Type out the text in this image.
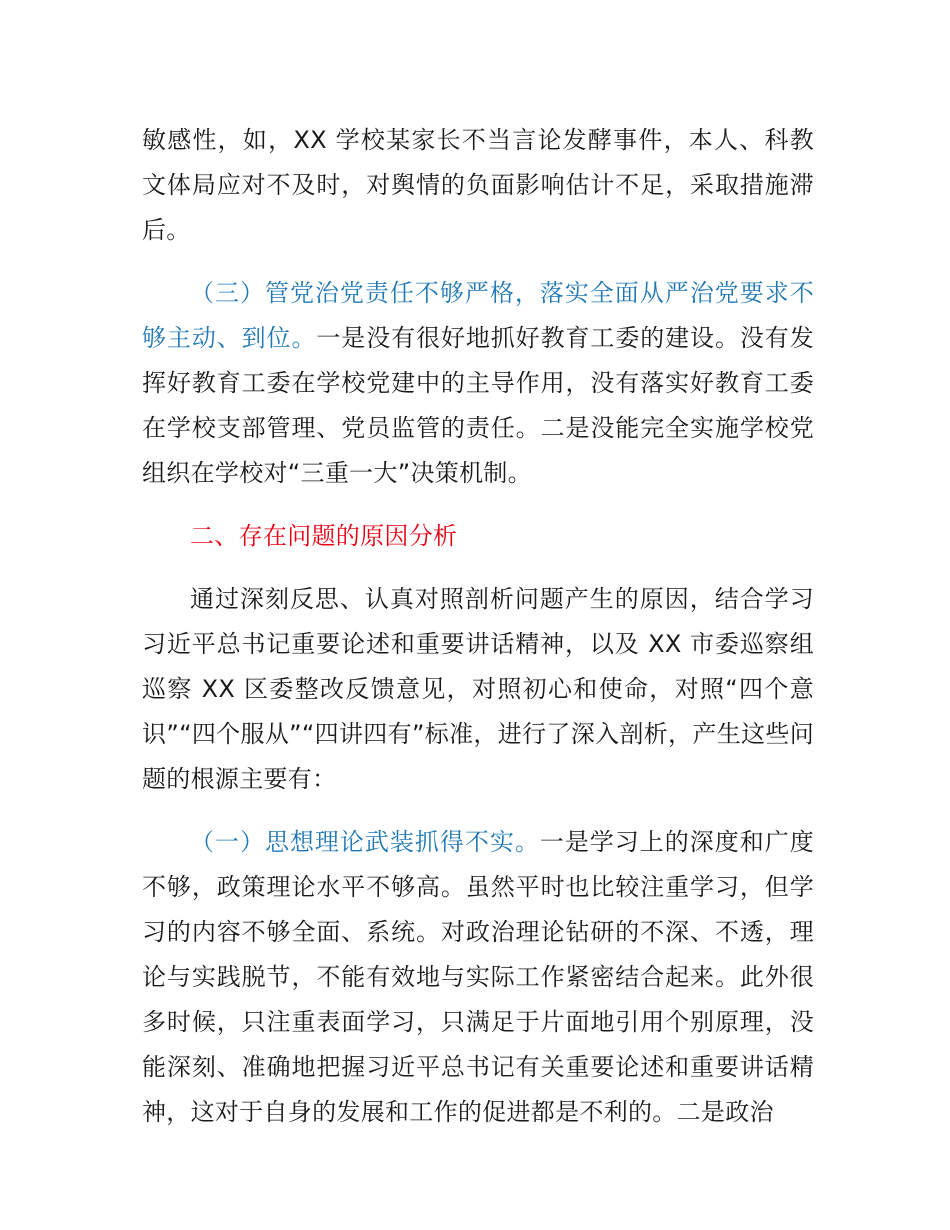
敏感性，如，XX 学校某家长不当言论发酵事件，本人、科教文体局应对不及时，对舆情的负面影响估计不足，采取措施滞后。

（三）管党治党责任不够严格，落实全面从严治党要求不够主动、到位。一是没有很好地抓好教育工委的建设。没有发挥好教育工委在学校党建中的主导作用，没有落实好教育工委在学校支部管理、党员监管的责任。二是没能完全实施学校党组织在学校对“三重一大”决策机制。

二、存在问题的原因分析

通过深刻反思、认真对照剖析问题产生的原因，结合学习习近平总书记重要论述和重要讲话精神，以及 XX 市委巡察组巡察 XX 区委整改反馈意见，对照初心和使命，对照“四个意识”“四个服从”“四讲四有”标准，进行了深入剖析，产生这些问题的根源主要有：

（一）思想理论武装抓得不实。一是学习上的深度和广度不够，政策理论水平不够高。虽然平时也比较注重学习，但学习的内容不够全面、系统。对政治理论钻研的不深、不透，理论与实践脱节，不能有效地与实际工作紧密结合起来。此外很多时候，只注重表面学习，只满足于片面地引用个别原理，没能深刻、准确地把握习近平总书记有关重要论述和重要讲话精神，这对于自身的发展和工作的促进都是不利的。二是政治
